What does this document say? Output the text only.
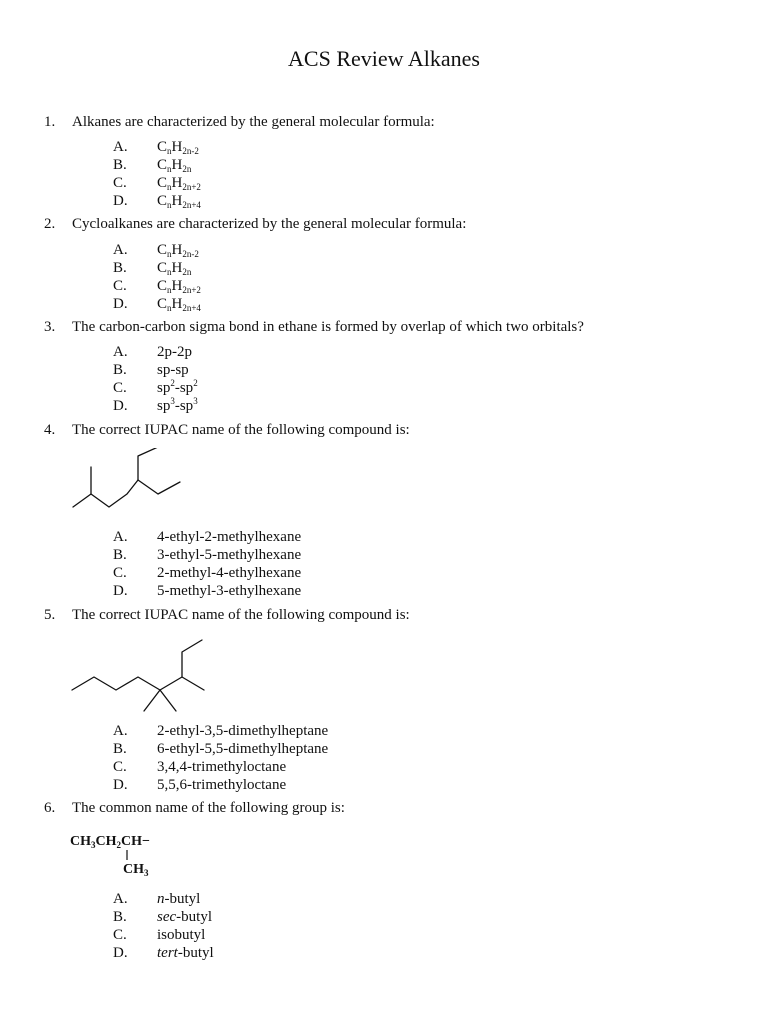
ACS Review Alkanes
1. Alkanes are characterized by the general molecular formula:
A. $C_nH_{2n-2}$
B. $C_nH_{2n}$
C. $C_nH_{2n+2}$
D. $C_nH_{2n+4}$
2. Cycloalkanes are characterized by the general molecular formula:
A. $C_nH_{2n-2}$
B. $C_nH_{2n}$
C. $C_nH_{2n+2}$
D. $C_nH_{2n+4}$
3. The carbon-carbon sigma bond in ethane is formed by overlap of which two orbitals?
A. 2p-2p
B. sp-sp
C. $sp^2-sp^2$
D. $sp^3-sp^3$
4. The correct IUPAC name of the following compound is:
A. 4-ethyl-2-methylhexane
B. 3-ethyl-5-methylhexane
C. 2-methyl-4-ethylhexane
D. 5-methyl-3-ethylhexane
5. The correct IUPAC name of the following compound is:
A. 2-ethyl-3,5-dimethylheptane
B. 6-ethyl-5,5-dimethylheptane
C. 3,4,4-trimethyloctane
D. 5,5,6-trimethyloctane
6. The common name of the following group is:
$CH_3CH_2CH-$
$CH_3$
A. n-butyl
B. sec-butyl
C. isobutyl
D. tert-butyl
